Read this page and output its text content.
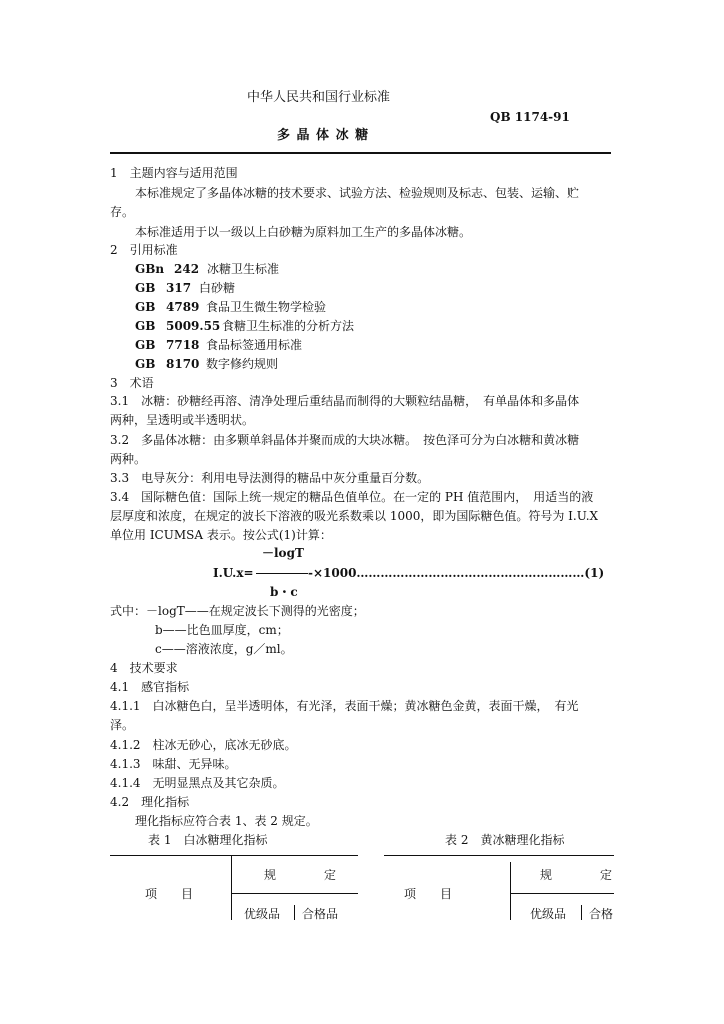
中华人民共和国行业标准
QB 1174-91
多 晶 体 冰 糖
1　主题内容与适用范围
本标准规定了多晶体冰糖的技术要求、试验方法、检验规则及标志、包装、运输、贮
存。
本标准适用于以一级以上白砂糖为原料加工生产的多晶体冰糖。
2　引用标准
GBn 242 冰糖卫生标准
GB 317 白砂糖
GB 4789 食品卫生微生物学检验
GB 5009.55 食糖卫生标准的分析方法
GB 7718 食品标签通用标准
GB 8170 数字修约规则
3　术语
3.1　冰糖：砂糖经再溶、清净处理后重结晶而制得的大颗粒结晶糖，　有单晶体和多晶体
两种，呈透明或半透明状。
3.2　多晶体冰糖：由多颗单斜晶体并聚而成的大块冰糖。　按色泽可分为白冰糖和黄冰糖
两种。
3.3　电导灰分：利用电导法测得的糖品中灰分重量百分数。
3.4　国际糖色值：国际上统一规定的糖品色值单位。在一定的 PH 值范围内，　用适当的液
层厚度和浓度，在规定的波长下溶液的吸光系数乘以 1000，即为国际糖色值。符号为 I.U.X
单位用 ICUMSA 表示。按公式(1)计算：
－logT
I.U.x=	-×1000…………………………………………………(1)
b・c
式中：－logT——在规定波长下测得的光密度；
b——比色皿厚度，cm；
c——溶液浓度，g／ml。
4　技术要求
4.1　感官指标
4.1.1　白冰糖色白，呈半透明体，有光泽，表面干燥；黄冰糖色金黄，表面干燥，　有光
泽。
4.1.2　柱冰无砂心，底冰无砂底。
4.1.3　味甜、无异味。
4.1.4　无明显黑点及其它杂质。
4.2　理化指标
理化指标应符合表 1、表 2 规定。
表 1　白冰糖理化指标	表 2　黄冰糖理化指标
规　　　　定
项　　目
优级品 合格品
规　　　　定
项　　目
优级品 合格
